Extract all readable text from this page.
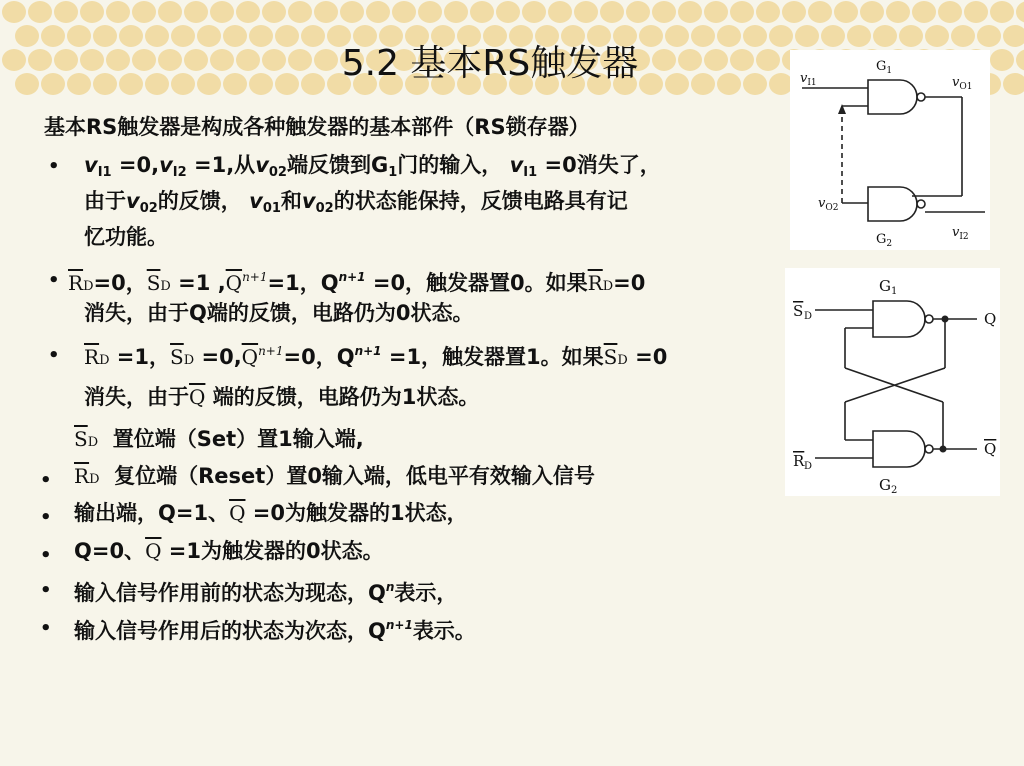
5.2 基本RS触发器
基本RS触发器是构成各种触发器的基本部件（RS锁存器）
• $v_{I1} =0,v_{I2} =1$,从$v_{02}$端反馈到$G_1$门的输入， $v_{I1} =0$消失了，
由于$v_{02}$的反馈， $v_{01}$和$v_{02}$的状态能保持，反馈电路具有记
忆功能。
• $\overline{R}D=0$，$\overline{S}D =1$ $,\overline{Q}^{n+1}=1$，$Q^{n+1} =0$，触发器置0。如果$\overline{R}D=0$
消失，由于Q端的反馈，电路仍为0状态。
• $\overline{R}D =1$，$\overline{S}D =0,\overline{Q}^{n+1}=0$，$Q^{n+1} =1$，触发器置1。如果$\overline{S}D =0$
消失，由于$\overline{Q}$ 端的反馈，电路仍为1状态。
$\overline{S}D$ 置位端（Set）置1输入端,
• $\overline{R}D$ 复位端（Reset）置0输入端，低电平有效输入信号
• 输出端，Q=1、$\overline{Q} =0$为触发器的1状态，
• Q=0、$\overline{Q} =1$为触发器的0状态。
• 输入信号作用前的状态为现态，$Q^n$表示，
• 输入信号作用后的状态为次态，$Q^{n+1}$表示。
$G_1$
$G_2$
$v_{I1}$	$v_{O1}$
$v_{O2}$
$v_{I2}$
$G_1$
$G_2$
S D
R D
Q
Q
